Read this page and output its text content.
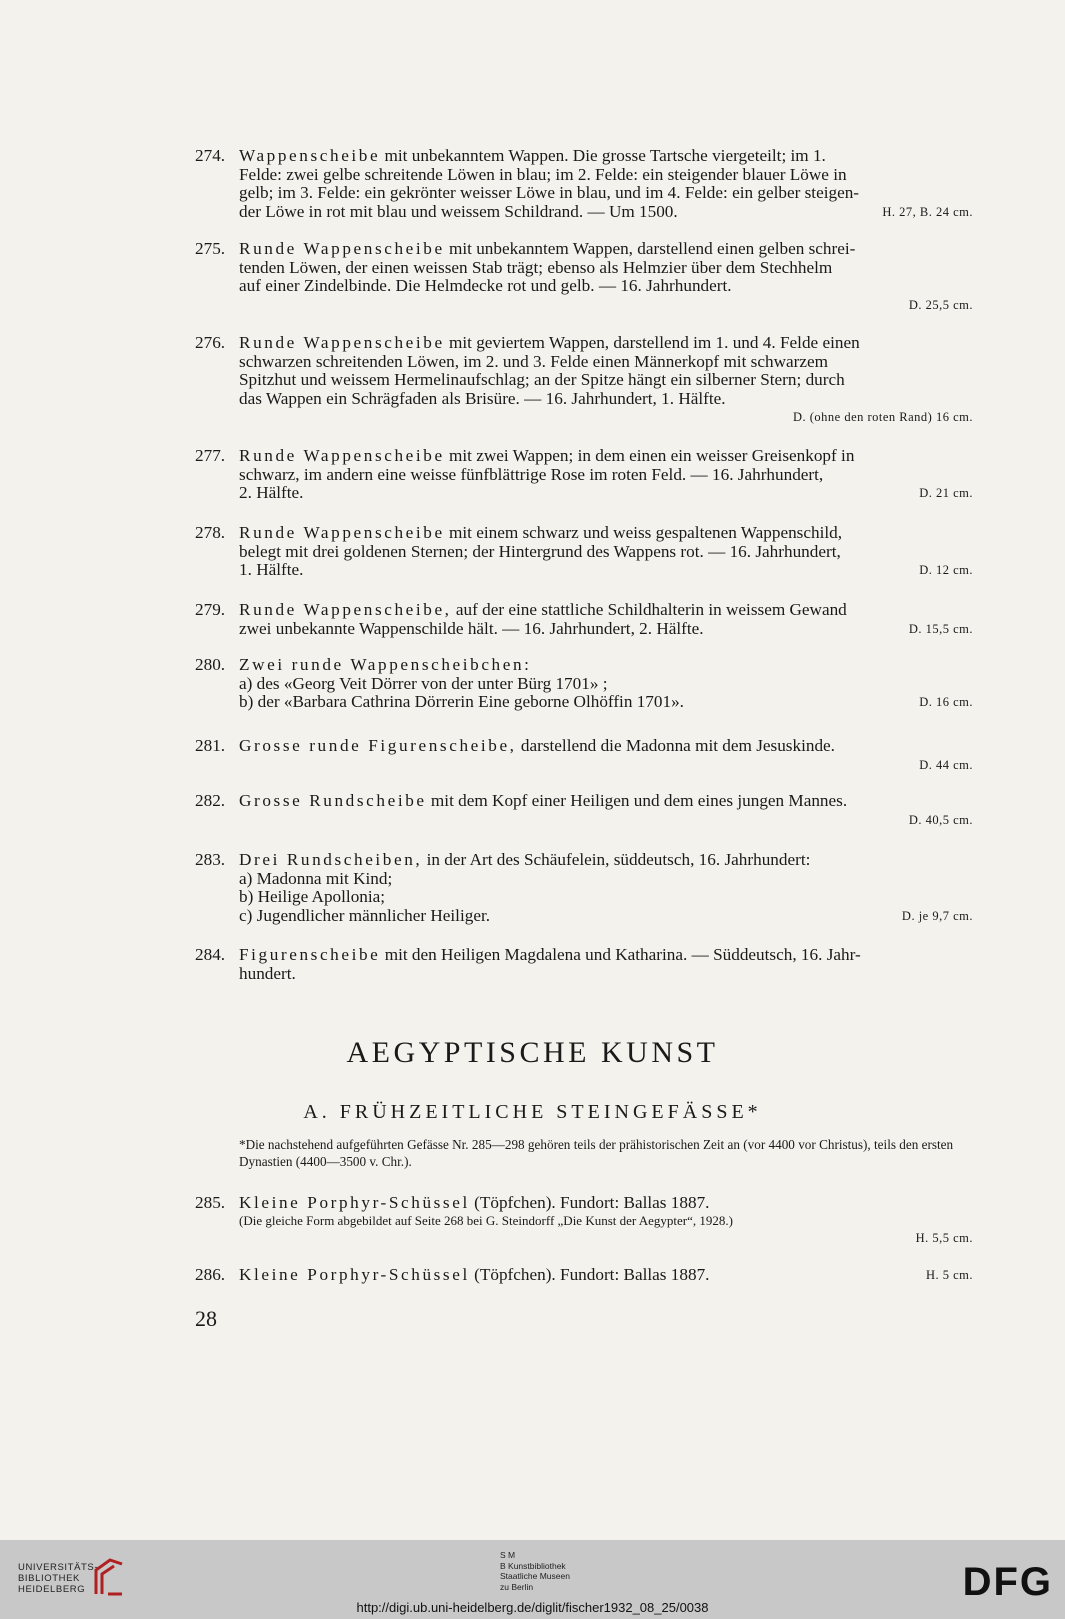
274. Wappenscheibe mit unbekanntem Wappen. Die grosse Tartsche viergeteilt; im 1.
Felde: zwei gelbe schreitende Löwen in blau; im 2. Felde: ein steigender blauer Löwe in
gelb; im 3. Felde: ein gekrönter weisser Löwe in blau, und im 4. Felde: ein gelber steigen-
der Löwe in rot mit blau und weissem Schildrand. — Um 1500.	H. 27, B. 24 cm.
275. Runde Wappenscheibe mit unbekanntem Wappen, darstellend einen gelben schrei-
tenden Löwen, der einen weissen Stab trägt; ebenso als Helmzier über dem Stechhelm
auf einer Zindelbinde. Die Helmdecke rot und gelb. — 16. Jahrhundert.
D. 25,5 cm.
276. Runde Wappenscheibe mit geviertem Wappen, darstellend im 1. und 4. Felde einen
schwarzen schreitenden Löwen, im 2. und 3. Felde einen Männerkopf mit schwarzem
Spitzhut und weissem Hermelinaufschlag; an der Spitze hängt ein silberner Stern; durch
das Wappen ein Schrägfaden als Brisüre. — 16. Jahrhundert, 1. Hälfte.
D. (ohne den roten Rand) 16 cm.
277. Runde Wappenscheibe mit zwei Wappen; in dem einen ein weisser Greisenkopf in
schwarz, im andern eine weisse fünfblättrige Rose im roten Feld. — 16. Jahrhundert,
2. Hälfte.	D. 21 cm.
278. Runde Wappenscheibe mit einem schwarz und weiss gespaltenen Wappenschild,
belegt mit drei goldenen Sternen; der Hintergrund des Wappens rot. — 16. Jahrhundert,
1. Hälfte.	D. 12 cm.
279. Runde Wappenscheibe, auf der eine stattliche Schildhalterin in weissem Gewand
zwei unbekannte Wappenschilde hält. — 16. Jahrhundert, 2. Hälfte.	D. 15,5 cm.
280. Zwei runde Wappenscheibchen:
a) des «Georg Veit Dörrer von der unter Bürg 1701» ;
b) der «Barbara Cathrina Dörrerin Eine geborne Olhöffin 1701».	D. 16 cm.
281. Grosse runde Figurenscheibe, darstellend die Madonna mit dem Jesuskinde.
D. 44 cm.
282. Grosse Rundscheibe mit dem Kopf einer Heiligen und dem eines jungen Mannes.
D. 40,5 cm.
283. Drei Rundscheiben, in der Art des Schäufelein, süddeutsch, 16. Jahrhundert:
a) Madonna mit Kind;
b) Heilige Apollonia;
c) Jugendlicher männlicher Heiliger.	D. je 9,7 cm.
284. Figurenscheibe mit den Heiligen Magdalena und Katharina. — Süddeutsch, 16. Jahr-
hundert.
AEGYPTISCHE KUNST
A. FRÜHZEITLICHE STEINGEFÄSSE*
*Die nachstehend aufgeführten Gefässe Nr. 285—298 gehören teils der prähistorischen Zeit an (vor 4400 vor Christus), teils den ersten Dynastien (4400—3500 v. Chr.).
285. Kleine Porphyr-Schüssel (Töpfchen). Fundort: Ballas 1887.
(Die gleiche Form abgebildet auf Seite 268 bei G. Steindorff „Die Kunst der Aegypter“, 1928.)
H. 5,5 cm.
286. Kleine Porphyr-Schüssel (Töpfchen). Fundort: Ballas 1887.	H. 5 cm.
28
UNIVERSITÄTS-
BIBLIOTHEK
HEIDELBERG
S M
B Kunstbibliothek
Staatliche Museen
zu Berlin	DFG
http://digi.ub.uni-heidelberg.de/diglit/fischer1932_08_25/0038
